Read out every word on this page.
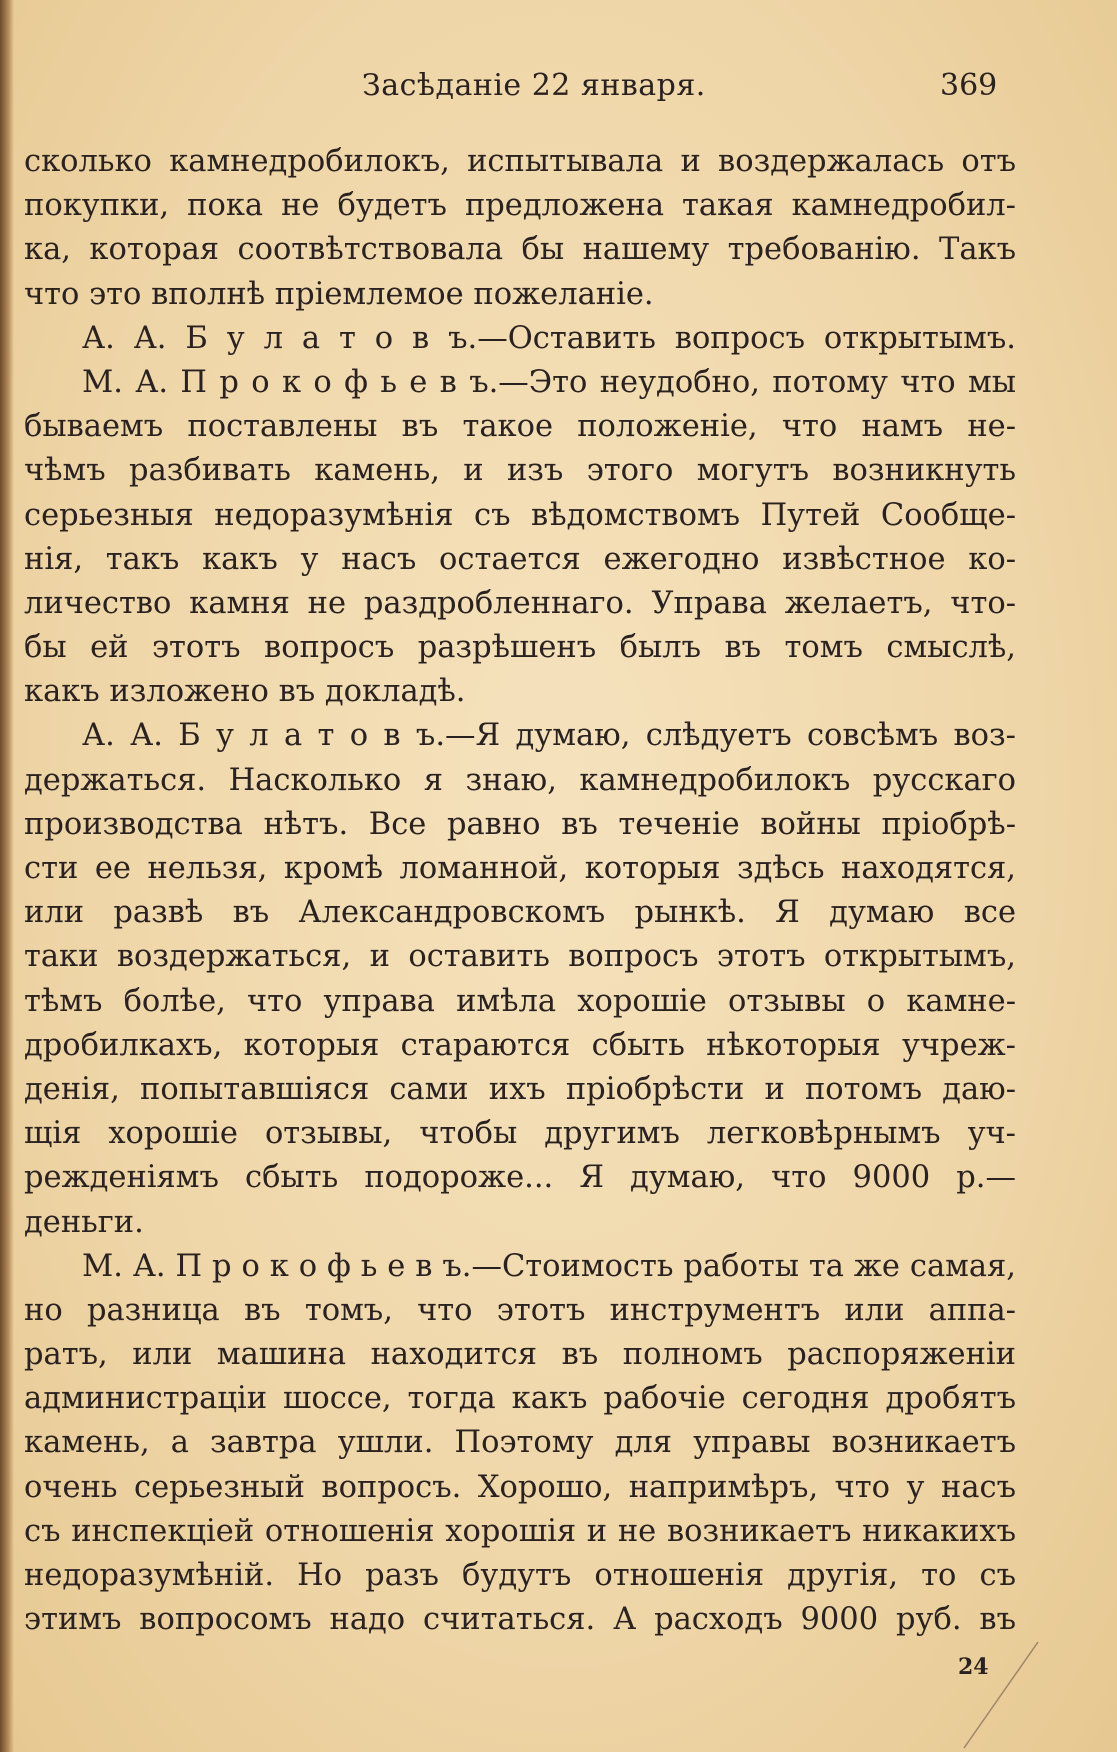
Засѣданіе 22 января.	369
сколько камнедробилокъ, испытывала и воздержалась отъ
покупки, пока не будетъ предложена такая камнедробил-
ка, которая соотвѣтствовала бы нашему требованію. Такъ
что это вполнѣ пріемлемое пожеланіе.
А. А. Б у л а т о в ъ.—Оставить вопросъ открытымъ.
М. А. П р о к о ф ь е в ъ.—Это неудобно, потому что мы
бываемъ поставлены въ такое положеніе, что намъ не-
чѣмъ разбивать камень, и изъ этого могутъ возникнуть
серьезныя недоразумѣнія съ вѣдомствомъ Путей Сообще-
нія, такъ какъ у насъ остается ежегодно извѣстное ко-
личество камня не раздробленнаго. Управа желаетъ, что-
бы ей этотъ вопросъ разрѣшенъ былъ въ томъ смыслѣ,
какъ изложено въ докладѣ.
А. А. Б у л а т о в ъ.—Я думаю, слѣдуетъ совсѣмъ воз-
держаться. Насколько я знаю, камнедробилокъ русскаго
производства нѣтъ. Все равно въ теченіе войны пріобрѣ-
сти ее нельзя, кромѣ ломанной, которыя здѣсь находятся,
или развѣ въ Александровскомъ рынкѣ. Я думаю все
таки воздержаться, и оставить вопросъ этотъ открытымъ,
тѣмъ болѣе, что управа имѣла хорошіе отзывы о камне-
дробилкахъ, которыя стараются сбыть нѣкоторыя учреж-
денія, попытавшіяся сами ихъ пріобрѣсти и потомъ даю-
щія хорошіе отзывы, чтобы другимъ легковѣрнымъ уч-
режденіямъ сбыть подороже... Я думаю, что 9000 р.—
деньги.
М. А. П р о к о ф ь е в ъ.—Стоимость работы та же самая,
но разница въ томъ, что этотъ инструментъ или аппа-
ратъ, или машина находится въ полномъ распоряженіи
администраціи шоссе, тогда какъ рабочіе сегодня дробятъ
камень, а завтра ушли. Поэтому для управы возникаетъ
очень серьезный вопросъ. Хорошо, напримѣръ, что у насъ
съ инспекціей отношенія хорошія и не возникаетъ никакихъ
недоразумѣній. Но разъ будутъ отношенія другія, то съ
этимъ вопросомъ надо считаться. А расходъ 9000 руб. въ
24
